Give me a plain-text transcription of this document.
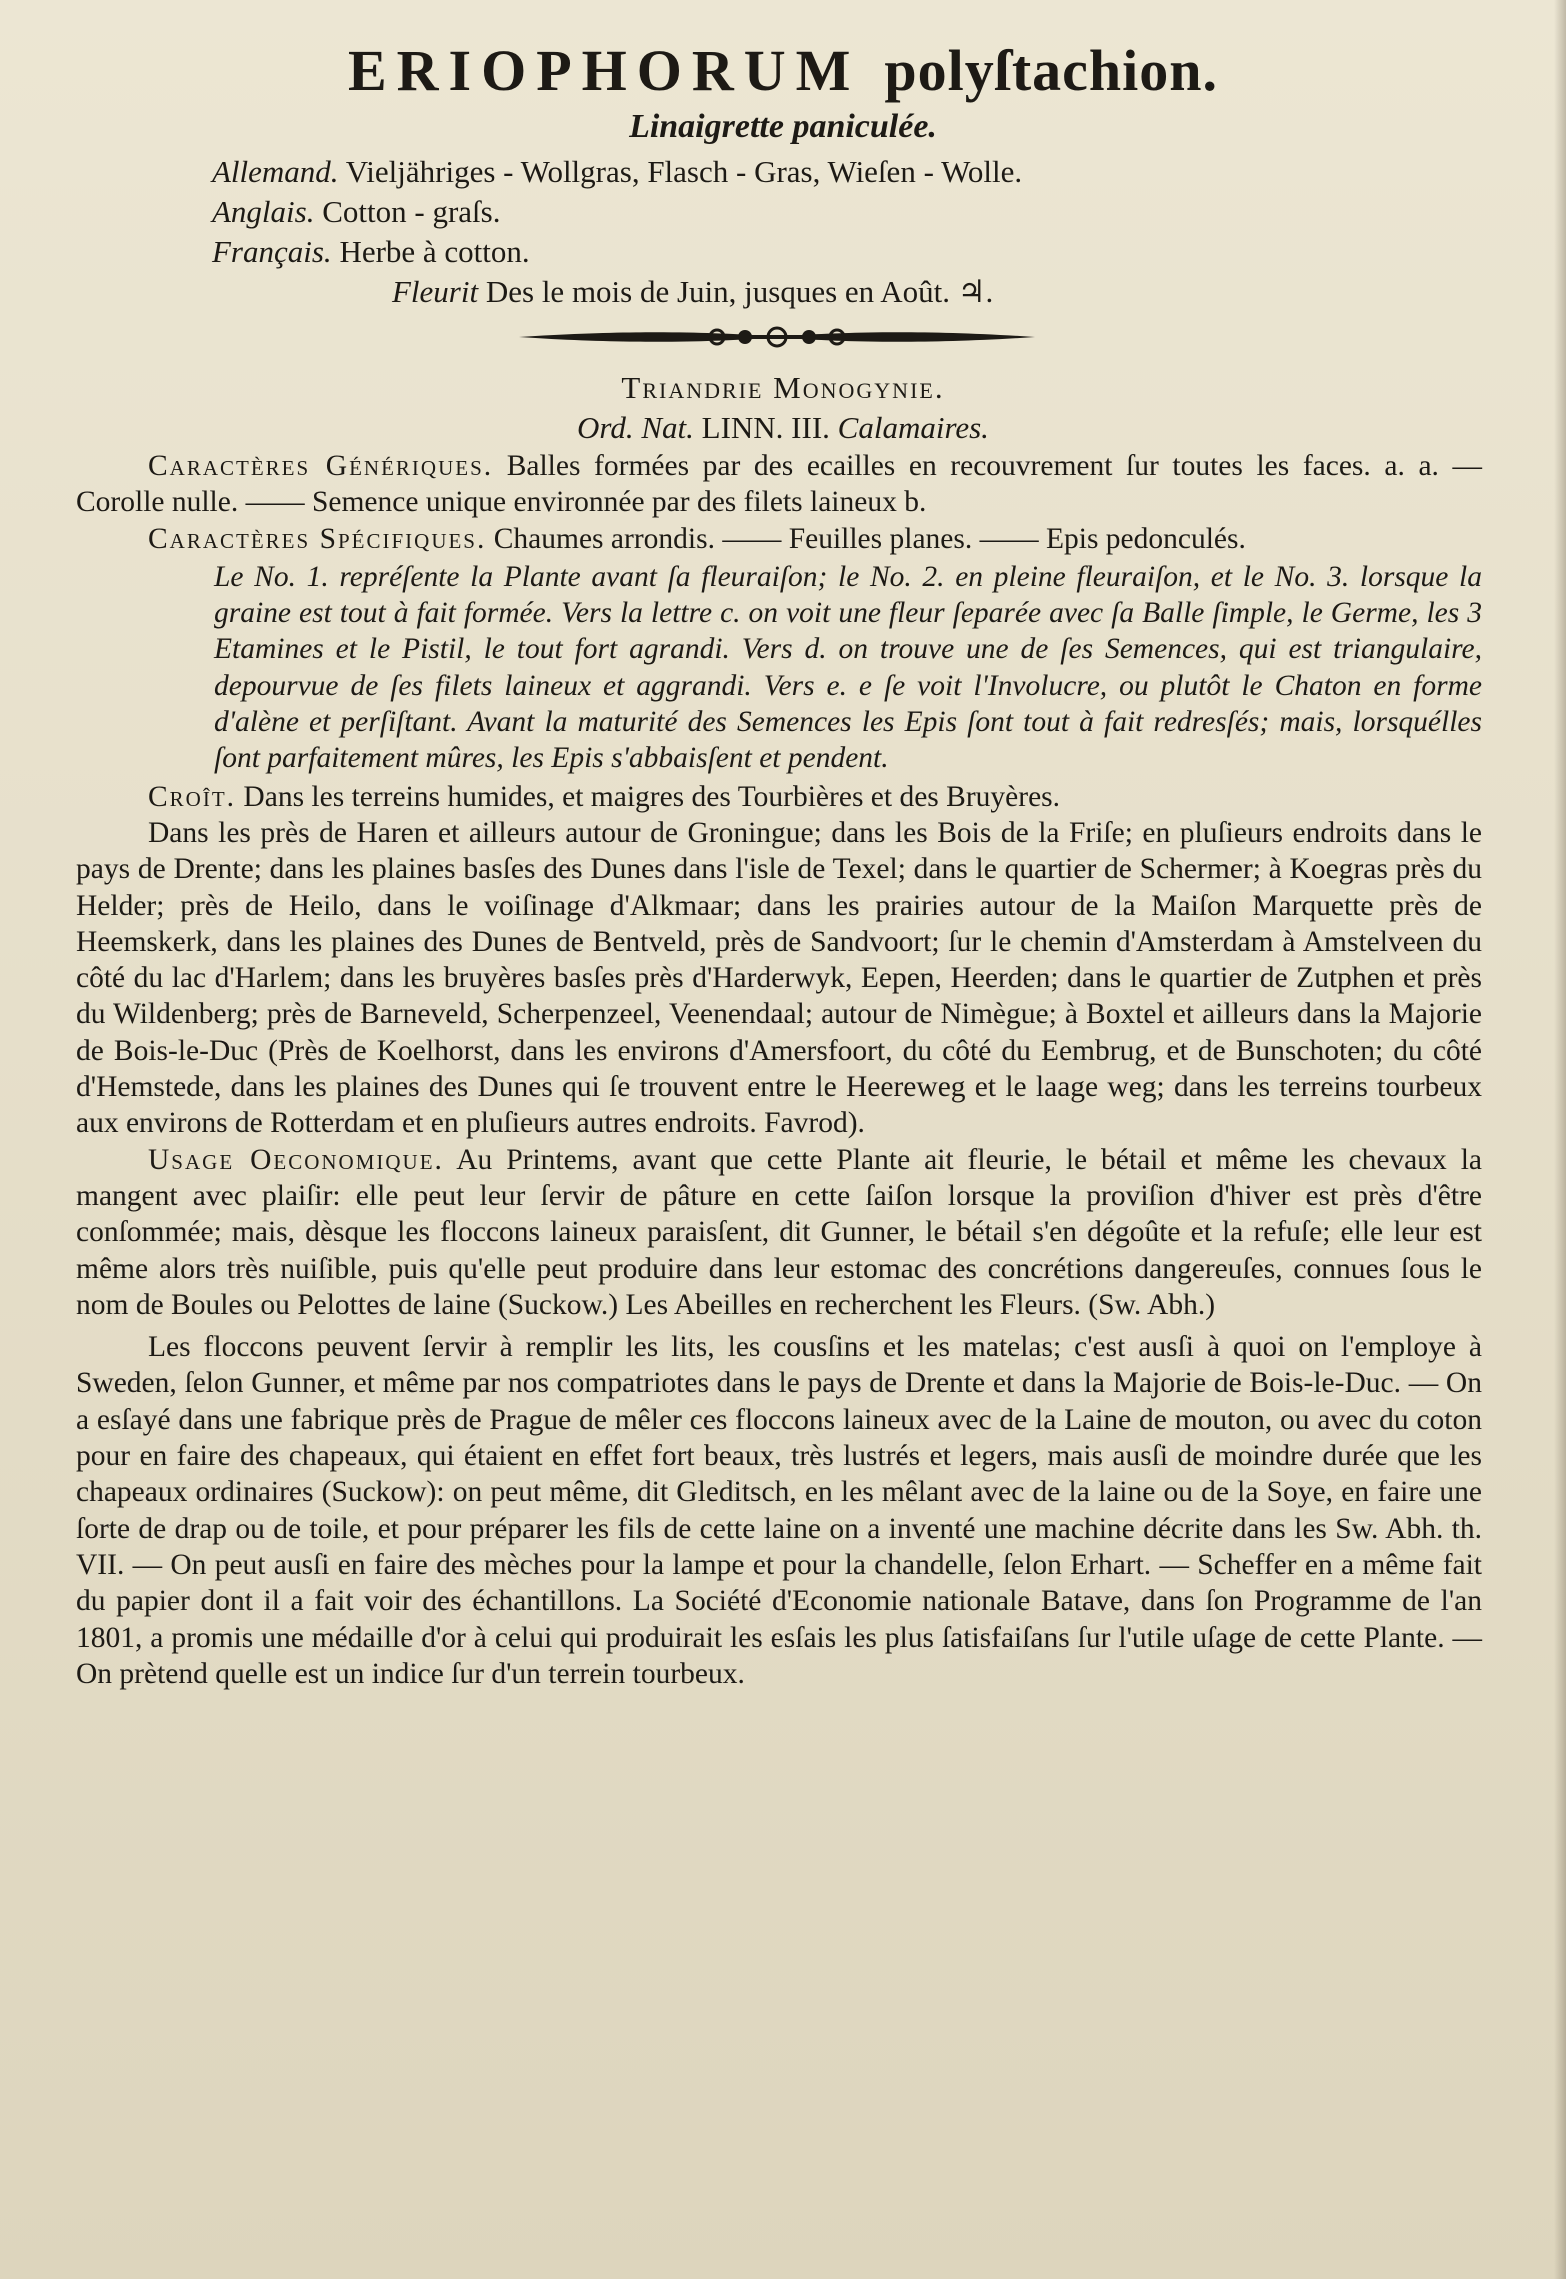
ERIOPHORUM polyſtachion.
Linaigrette paniculée.
Allemand. Vieljähriges - Wollgras, Flasch - Gras, Wieſen - Wolle.
Anglais. Cotton - graſs.
Français. Herbe à cotton.
Fleurit Des le mois de Juin, jusques en Août. ♃.
Triandrie Monogynie.
Ord. Nat. LINN. III. Calamaires.

Caractères Génériques. Balles formées par des ecailles en recouvrement ſur toutes les faces. a. a. — Corolle nulle. —— Semence unique environnée par des filets laineux b.

Caractères Spécifiques. Chaumes arrondis. —— Feuilles planes. —— Epis pedonculés.

Le No. 1. repréſente la Plante avant ſa fleuraiſon; le No. 2. en pleine fleuraiſon, et le No. 3. lorsque la graine est tout à fait formée. Vers la lettre c. on voit une fleur ſeparée avec ſa Balle ſimple, le Germe, les 3 Etamines et le Pistil, le tout fort agrandi. Vers d. on trouve une de ſes Semences, qui est triangulaire, depourvue de ſes filets laineux et aggrandi. Vers e. e ſe voit l'Involucre, ou plutôt le Chaton en forme d'alène et perſiſtant. Avant la maturité des Semences les Epis ſont tout à fait redresſés; mais, lorsquélles ſont parfaitement mûres, les Epis s'abbaisſent et pendent.

Croît. Dans les terreins humides, et maigres des Tourbières et des Bruyères.

Dans les près de Haren et ailleurs autour de Groningue; dans les Bois de la Friſe; en pluſieurs endroits dans le pays de Drente; dans les plaines basſes des Dunes dans l'isle de Texel; dans le quartier de Schermer; à Koegras près du Helder; près de Heilo, dans le voiſinage d'Alkmaar; dans les prairies autour de la Maiſon Marquette près de Heemskerk, dans les plaines des Dunes de Bentveld, près de Sandvoort; ſur le chemin d'Amsterdam à Amstelveen du côté du lac d'Harlem; dans les bruyères basſes près d'Harderwyk, Eepen, Heerden; dans le quartier de Zutphen et près du Wildenberg; près de Barneveld, Scherpenzeel, Veenendaal; autour de Nimègue; à Boxtel et ailleurs dans la Majorie de Bois-le-Duc (Près de Koelhorst, dans les environs d'Amersfoort, du côté du Eembrug, et de Bunschoten; du côté d'Hemstede, dans les plaines des Dunes qui ſe trouvent entre le Heereweg et le laage weg; dans les terreins tourbeux aux environs de Rotterdam et en pluſieurs autres endroits. Favrod).

Usage Oeconomique. Au Printems, avant que cette Plante ait fleurie, le bétail et même les chevaux la mangent avec plaiſir: elle peut leur ſervir de pâture en cette ſaiſon lorsque la proviſion d'hiver est près d'être conſommée; mais, dèsque les floccons laineux paraisſent, dit Gunner, le bétail s'en dégoûte et la refuſe; elle leur est même alors très nuiſible, puis qu'elle peut produire dans leur estomac des concrétions dangereuſes, connues ſous le nom de Boules ou Pelottes de laine (Suckow.) Les Abeilles en recherchent les Fleurs. (Sw. Abh.)

Les floccons peuvent ſervir à remplir les lits, les cousſins et les matelas; c'est ausſi à quoi on l'employe à Sweden, ſelon Gunner, et même par nos compatriotes dans le pays de Drente et dans la Majorie de Bois-le-Duc. — On a esſayé dans une fabrique près de Prague de mêler ces floccons laineux avec de la Laine de mouton, ou avec du coton pour en faire des chapeaux, qui étaient en effet fort beaux, très lustrés et legers, mais ausſi de moindre durée que les chapeaux ordinaires (Suckow): on peut même, dit Gleditsch, en les mêlant avec de la laine ou de la Soye, en faire une ſorte de drap ou de toile, et pour préparer les fils de cette laine on a inventé une machine décrite dans les Sw. Abh. th. VII. — On peut ausſi en faire des mèches pour la lampe et pour la chandelle, ſelon Erhart. — Scheffer en a même fait du papier dont il a fait voir des échantillons. La Société d'Economie nationale Batave, dans ſon Programme de l'an 1801, a promis une médaille d'or à celui qui produirait les esſais les plus ſatisfaiſans ſur l'utile uſage de cette Plante. — On prètend quelle est un indice ſur d'un terrein tourbeux.
